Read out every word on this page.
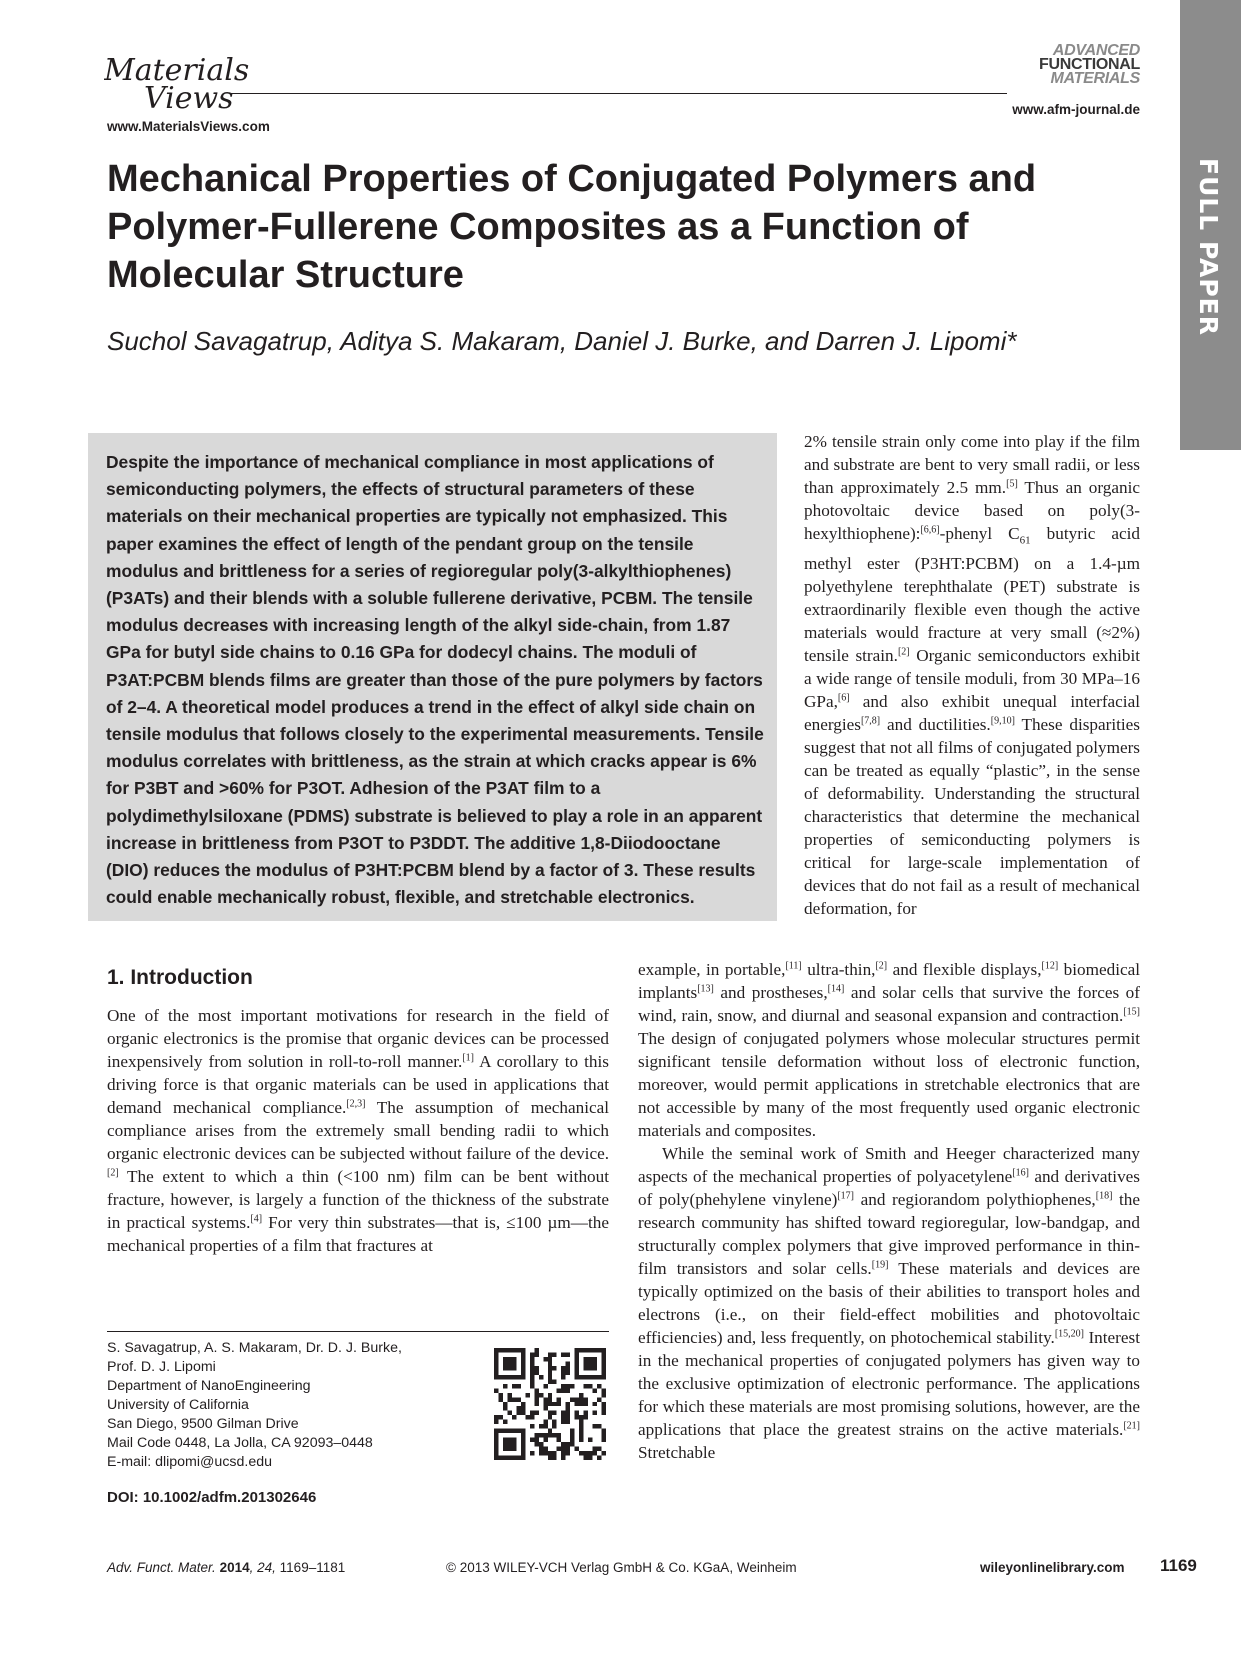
Materials
Views
www.MaterialsViews.com
ADVANCED
FUNCTIONAL
MATERIALS
www.afm-journal.de
FULL PAPER
Mechanical Properties of Conjugated Polymers and Polymer-Fullerene Composites as a Function of Molecular Structure
Suchol Savagatrup, Aditya S. Makaram, Daniel J. Burke, and Darren J. Lipomi*
Despite the importance of mechanical compliance in most applications of semiconducting polymers, the effects of structural parameters of these materials on their mechanical properties are typically not emphasized. This paper examines the effect of length of the pendant group on the tensile modulus and brittleness for a series of regioregular poly(3-alkylthiophenes) (P3ATs) and their blends with a soluble fullerene derivative, PCBM. The tensile modulus decreases with increasing length of the alkyl side-chain, from 1.87 GPa for butyl side chains to 0.16 GPa for dodecyl chains. The moduli of P3AT:PCBM blends films are greater than those of the pure polymers by factors of 2–4. A theoretical model produces a trend in the effect of alkyl side chain on tensile modulus that follows closely to the experimental measurements. Tensile modulus correlates with brittleness, as the strain at which cracks appear is 6% for P3BT and >60% for P3OT. Adhesion of the P3AT film to a polydimethylsiloxane (PDMS) substrate is believed to play a role in an apparent increase in brittleness from P3OT to P3DDT. The additive 1,8-Diiodooctane (DIO) reduces the modulus of P3HT:PCBM blend by a factor of 3. These results could enable mechanically robust, flexible, and stretchable electronics.
2% tensile strain only come into play if the film and substrate are bent to very small radii, or less than approximately 2.5 mm.[5] Thus an organic photovoltaic device based on poly(3-hexylthiophene):[6,6]-phenyl $C_{61}$ butyric acid methyl ester (P3HT:PCBM) on a 1.4-µm polyethylene terephthalate (PET) substrate is extraordinarily flexible even though the active materials would fracture at very small (≈2%) tensile strain.[2] Organic semiconductors exhibit a wide range of tensile moduli, from 30 MPa–16 GPa,[6] and also exhibit unequal interfacial energies[7,8] and ductilities.[9,10] These disparities suggest that not all films of conjugated polymers can be treated as equally “plastic”, in the sense of deformability. Understanding the structural characteristics that determine the mechanical properties of semiconducting polymers is critical for large-scale implementation of devices that do not fail as a result of mechanical deformation, for
1. Introduction
One of the most important motivations for research in the field of organic electronics is the promise that organic devices can be processed inexpensively from solution in roll-to-roll manner.[1] A corollary to this driving force is that organic materials can be used in applications that demand mechanical compliance.[2,3] The assumption of mechanical compliance arises from the extremely small bending radii to which organic electronic devices can be subjected without failure of the device.[2] The extent to which a thin (<100 nm) film can be bent without fracture, however, is largely a function of the thickness of the substrate in practical systems.[4] For very thin substrates—that is, ≤100 µm—the mechanical properties of a film that fractures at
example, in portable,[11] ultra-thin,[2] and flexible displays,[12] biomedical implants[13] and prostheses,[14] and solar cells that survive the forces of wind, rain, snow, and diurnal and seasonal expansion and contraction.[15] The design of conjugated polymers whose molecular structures permit significant tensile deformation without loss of electronic function, moreover, would permit applications in stretchable electronics that are not accessible by many of the most frequently used organic electronic materials and composites.
While the seminal work of Smith and Heeger characterized many aspects of the mechanical properties of polyacetylene[16] and derivatives of poly(phehylene vinylene)[17] and regiorandom polythiophenes,[18] the research community has shifted toward regioregular, low-bandgap, and structurally complex polymers that give improved performance in thin-film transistors and solar cells.[19] These materials and devices are typically optimized on the basis of their abilities to transport holes and electrons (i.e., on their field-effect mobilities and photovoltaic efficiencies) and, less frequently, on photochemical stability.[15,20] Interest in the mechanical properties of conjugated polymers has given way to the exclusive optimization of electronic performance. The applications for which these materials are most promising solutions, however, are the applications that place the greatest strains on the active materials.[21] Stretchable
S. Savagatrup, A. S. Makaram, Dr. D. J. Burke,
Prof. D. J. Lipomi
Department of NanoEngineering
University of California
San Diego, 9500 Gilman Drive
Mail Code 0448, La Jolla, CA 92093–0448
E-mail: dlipomi@ucsd.edu
DOI: 10.1002/adfm.201302646
Adv. Funct. Mater. 2014, 24, 1169–1181	© 2013 WILEY-VCH Verlag GmbH & Co. KGaA, Weinheim	wileyonlinelibrary.com 1169
